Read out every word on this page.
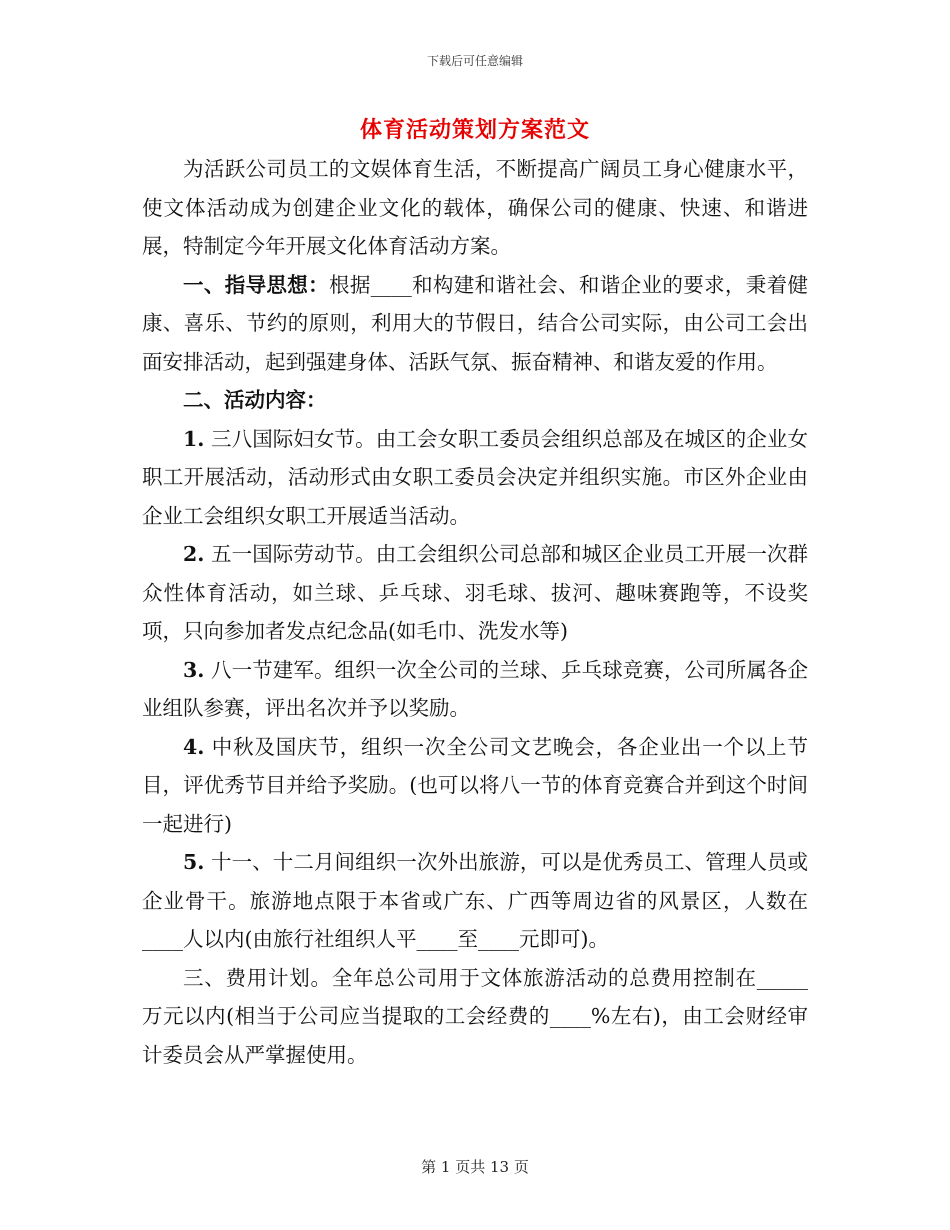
下载后可任意编辑
体育活动策划方案范文

为活跃公司员工的文娱体育生活，不断提高广阔员工身心健康水平，使文体活动成为创建企业文化的载体，确保公司的健康、快速、和谐进展，特制定今年开展文化体育活动方案。

一、指导思想：根据____和构建和谐社会、和谐企业的要求，秉着健康、喜乐、节约的原则，利用大的节假日，结合公司实际，由公司工会出面安排活动，起到强建身体、活跃气氛、振奋精神、和谐友爱的作用。

二、活动内容：

1. 三八国际妇女节。由工会女职工委员会组织总部及在城区的企业女职工开展活动，活动形式由女职工委员会决定并组织实施。市区外企业由企业工会组织女职工开展适当活动。

2. 五一国际劳动节。由工会组织公司总部和城区企业员工开展一次群众性体育活动，如兰球、乒乓球、羽毛球、拔河、趣味赛跑等，不设奖项，只向参加者发点纪念品(如毛巾、洗发水等)

3. 八一节建军。组织一次全公司的兰球、乒乓球竞赛，公司所属各企业组队参赛，评出名次并予以奖励。

4. 中秋及国庆节，组织一次全公司文艺晚会，各企业出一个以上节目，评优秀节目并给予奖励。(也可以将八一节的体育竞赛合并到这个时间一起进行)

5. 十一、十二月间组织一次外出旅游，可以是优秀员工、管理人员或企业骨干。旅游地点限于本省或广东、广西等周边省的风景区，人数在____人以内(由旅行社组织人平____至____元即可)。

三、费用计划。全年总公司用于文体旅游活动的总费用控制在_____万元以内(相当于公司应当提取的工会经费的____%左右)，由工会财经审计委员会从严掌握使用。

第 1 页共 13 页
